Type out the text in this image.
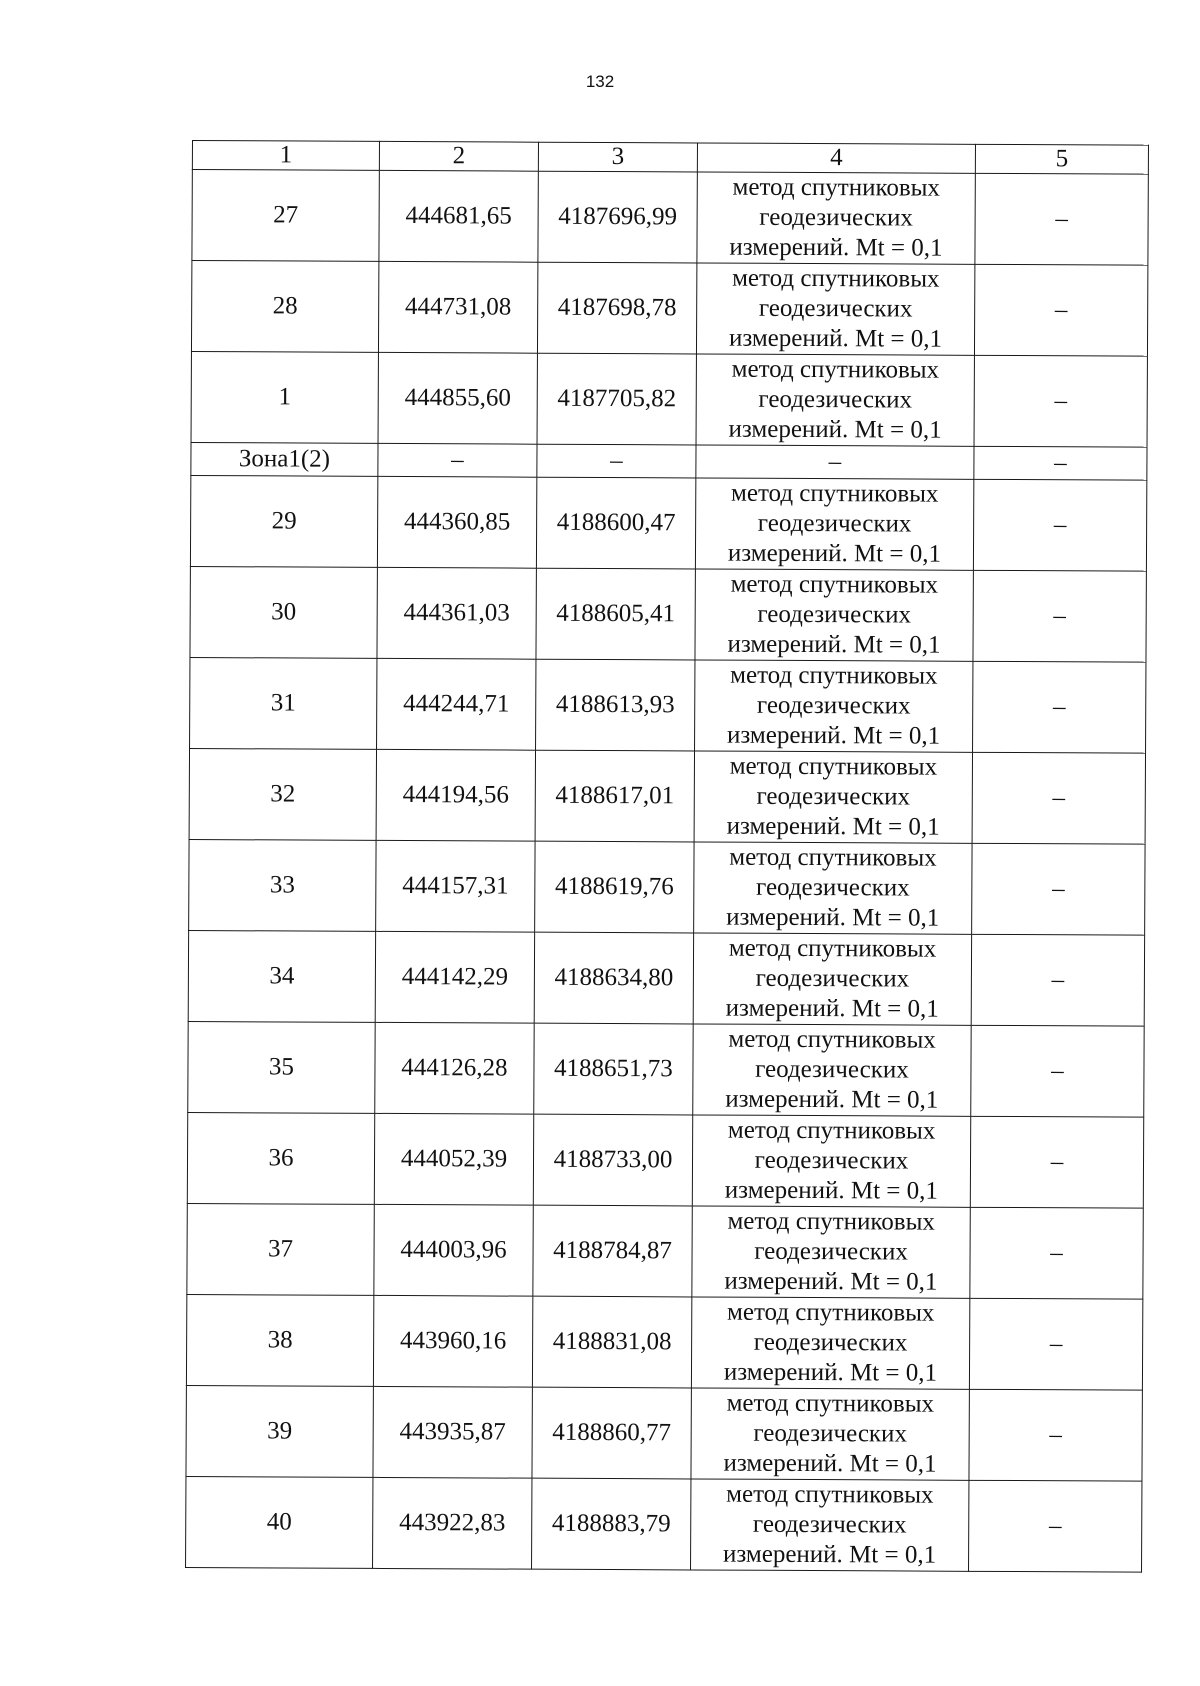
132
1	2	3	4	5
27	444681,65	4187696,99	метод спутниковых
геодезических
измерений. Mt = 0,1	–
28	444731,08	4187698,78	метод спутниковых
геодезических
измерений. Mt = 0,1	–
1	444855,60	4187705,82	метод спутниковых
геодезических
измерений. Mt = 0,1	–
Зона1(2)	–	–	–	–
29	444360,85	4188600,47	метод спутниковых
геодезических
измерений. Mt = 0,1	–
30	444361,03	4188605,41	метод спутниковых
геодезических
измерений. Mt = 0,1	–
31	444244,71	4188613,93	метод спутниковых
геодезических
измерений. Mt = 0,1	–
32	444194,56	4188617,01	метод спутниковых
геодезических
измерений. Mt = 0,1	–
33	444157,31	4188619,76	метод спутниковых
геодезических
измерений. Mt = 0,1	–
34	444142,29	4188634,80	метод спутниковых
геодезических
измерений. Mt = 0,1	–
35	444126,28	4188651,73	метод спутниковых
геодезических
измерений. Mt = 0,1	–
36	444052,39	4188733,00	метод спутниковых
геодезических
измерений. Mt = 0,1	–
37	444003,96	4188784,87	метод спутниковых
геодезических
измерений. Mt = 0,1	–
38	443960,16	4188831,08	метод спутниковых
геодезических
измерений. Mt = 0,1	–
39	443935,87	4188860,77	метод спутниковых
геодезических
измерений. Mt = 0,1	–
40	443922,83	4188883,79	метод спутниковых
геодезических
измерений. Mt = 0,1	–
